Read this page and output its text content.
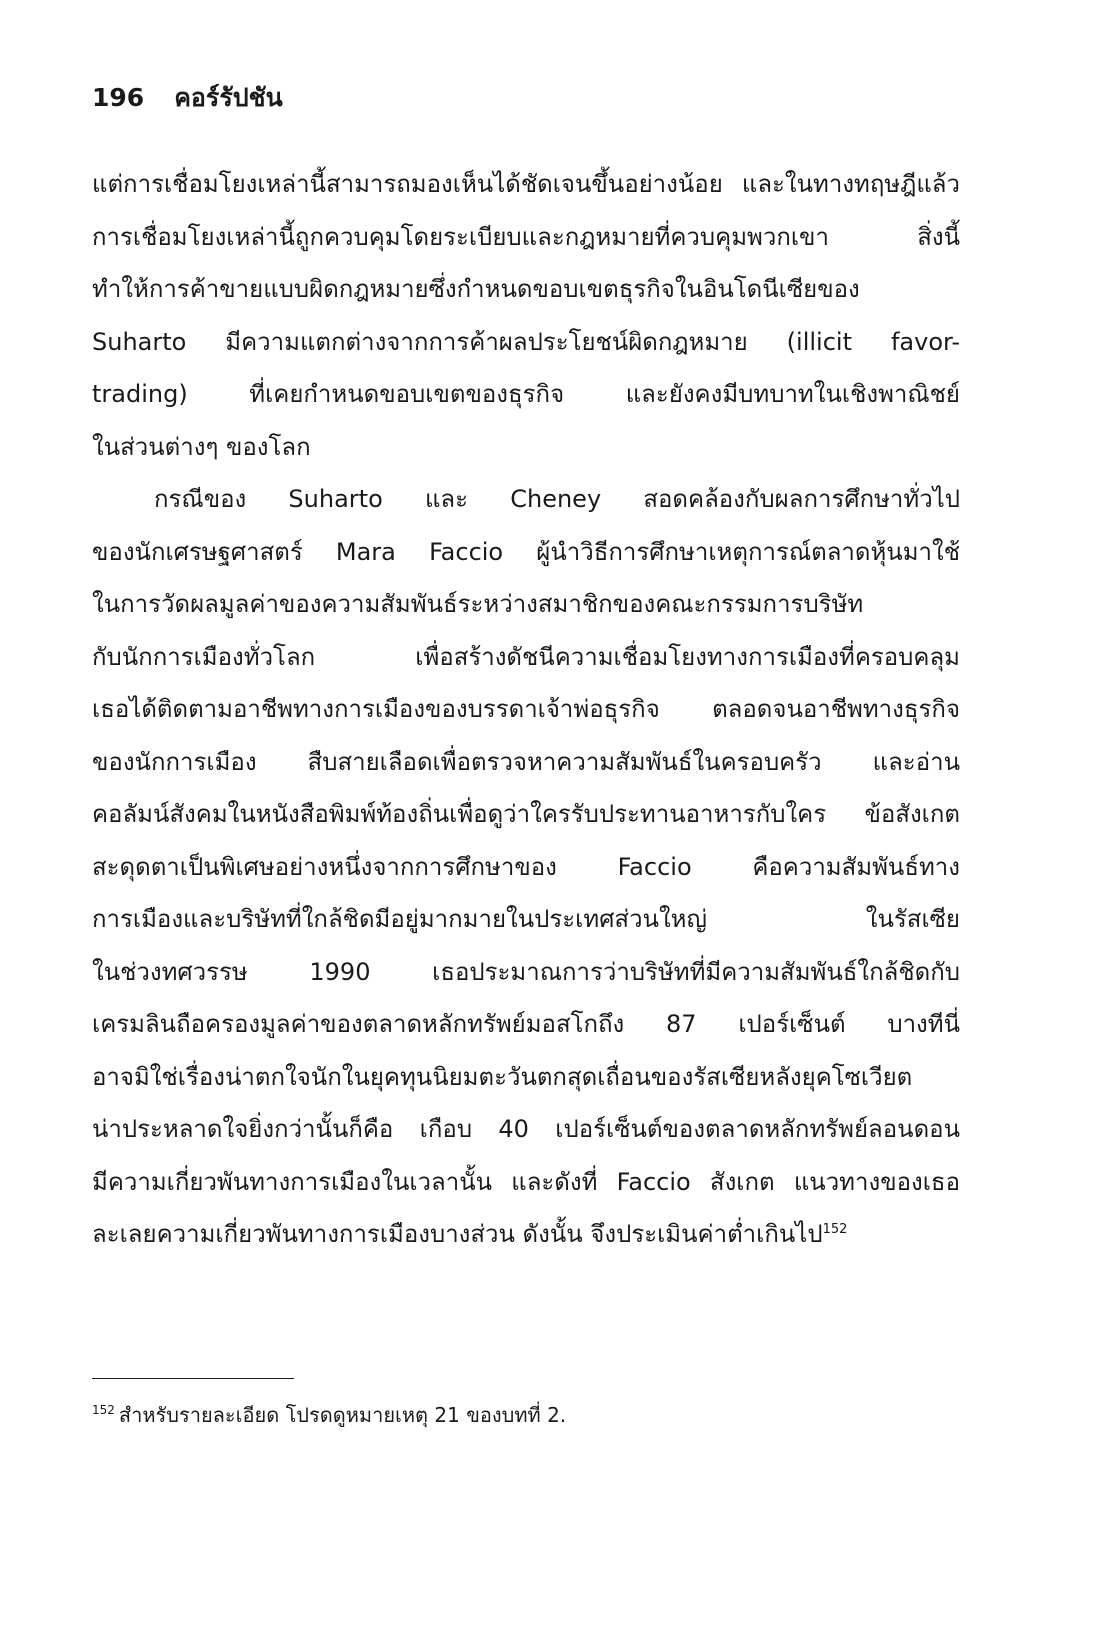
196 คอร์รัปชัน

แต่การเชื่อมโยงเหล่านี้สามารถมองเห็นได้ชัดเจนขึ้นอย่างน้อย และในทางทฤษฎีแล้ว
การเชื่อมโยงเหล่านี้ถูกควบคุมโดยระเบียบและกฎหมายที่ควบคุมพวกเขา สิ่งนี้
ทำให้การค้าขายแบบผิดกฎหมายซึ่งกำหนดขอบเขตธุรกิจในอินโดนีเซียของ
Suharto มีความแตกต่างจากการค้าผลประโยชน์ผิดกฎหมาย (illicit favor-
trading) ที่เคยกำหนดขอบเขตของธุรกิจ และยังคงมีบทบาทในเชิงพาณิชย์
ในส่วนต่างๆ ของโลก

กรณีของ Suharto และ Cheney สอดคล้องกับผลการศึกษาทั่วไป
ของนักเศรษฐศาสตร์ Mara Faccio ผู้นำวิธีการศึกษาเหตุการณ์ตลาดหุ้นมาใช้
ในการวัดผลมูลค่าของความสัมพันธ์ระหว่างสมาชิกของคณะกรรมการบริษัท
กับนักการเมืองทั่วโลก เพื่อสร้างดัชนีความเชื่อมโยงทางการเมืองที่ครอบคลุม
เธอได้ติดตามอาชีพทางการเมืองของบรรดาเจ้าพ่อธุรกิจ ตลอดจนอาชีพทางธุรกิจ
ของนักการเมือง สืบสายเลือดเพื่อตรวจหาความสัมพันธ์ในครอบครัว และอ่าน
คอลัมน์สังคมในหนังสือพิมพ์ท้องถิ่นเพื่อดูว่าใครรับประทานอาหารกับใคร ข้อสังเกต
สะดุดตาเป็นพิเศษอย่างหนึ่งจากการศึกษาของ Faccio คือความสัมพันธ์ทาง
การเมืองและบริษัทที่ใกล้ชิดมีอยู่มากมายในประเทศส่วนใหญ่ ในรัสเซีย
ในช่วงทศวรรษ 1990 เธอประมาณการว่าบริษัทที่มีความสัมพันธ์ใกล้ชิดกับ
เครมลินถือครองมูลค่าของตลาดหลักทรัพย์มอสโกถึง 87 เปอร์เซ็นต์ บางทีนี่
อาจมิใช่เรื่องน่าตกใจนักในยุคทุนนิยมตะวันตกสุดเถื่อนของรัสเซียหลังยุคโซเวียต
น่าประหลาดใจยิ่งกว่านั้นก็คือ เกือบ 40 เปอร์เซ็นต์ของตลาดหลักทรัพย์ลอนดอน
มีความเกี่ยวพันทางการเมืองในเวลานั้น และดังที่ Faccio สังเกต แนวทางของเธอ
ละเลยความเกี่ยวพันทางการเมืองบางส่วน ดังนั้น จึงประเมินค่าต่ำเกินไป$^{152}$

$^{152}$ สำหรับรายละเอียด โปรดดูหมายเหตุ 21 ของบทที่ 2.
